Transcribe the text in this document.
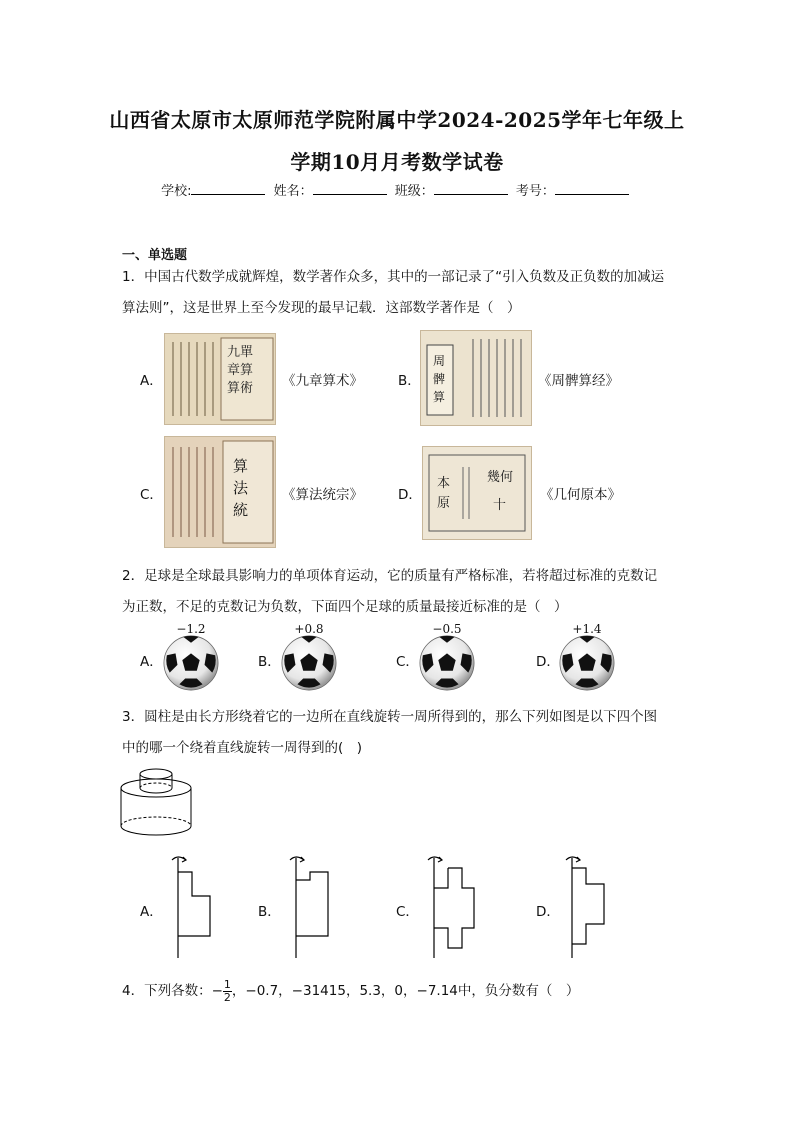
山西省太原市太原师范学院附属中学2024-2025学年七年级上
学期10月月考数学试卷
学校:	姓名：	班级：	考号：
一、单选题
1．中国古代数学成就辉煌，数学著作众多，其中的一部记录了“引入负数及正负数的加减运
算法则”，这是世界上至今发现的最早记载．这部数学著作是（　）
A．
九單
章算
算術 《九章算术》	B．
周
髀
算
《周髀算经》
C．
算
法
統
《算法统宗》	D．
本
原
幾何
十
《几何原本》
2．足球是全球最具影响力的单项体育运动，它的质量有严格标准，若将超过标准的克数记
为正数，不足的克数记为负数，下面四个足球的质量最接近标准的是（　）
A．
−1.2
B．
+0.8
C．
−0.5
D．
+1.4
3．圆柱是由长方形绕着它的一边所在直线旋转一周所得到的，那么下列如图是以下四个图
中的哪一个绕着直线旋转一周得到的(　)
A．	B．	C．	D．
4．下列各数：− $\frac{1}{2}$ ，−0.7，−31415，5.3，0，−7.14中，负分数有（　）
